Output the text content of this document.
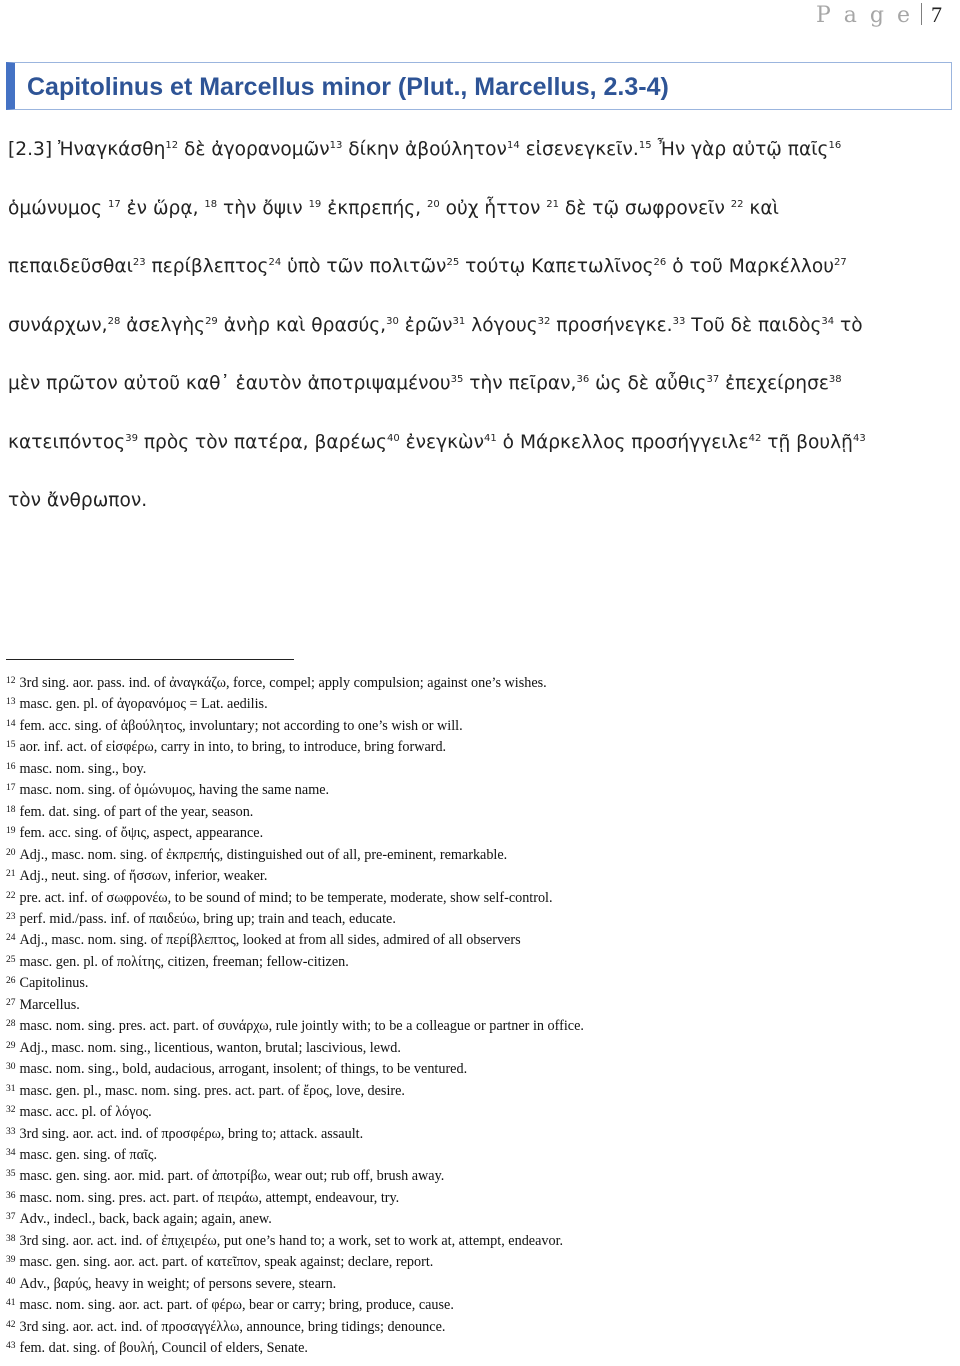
P a g e 7
Capitolinus et Marcellus minor (Plut., Marcellus, 2.3-4)

[2.3] Ἠναγκάσθη$^{12}$ δὲ ἀγορανομῶν$^{13}$ δίκην ἀβούλητον$^{14}$ εἰσενεγκεῖν.$^{15}$ Ἦν γὰρ αὐτῷ παῖς$^{16}$
ὁμώνυμος $^{17}$ ἐν ὥρᾳ, $^{18}$ τὴν ὄψιν $^{19}$ ἐκπρεπής, $^{20}$ οὐχ ἧττον $^{21}$ δὲ τῷ σωφρονεῖν $^{22}$ καὶ
πεπαιδεῦσθαι$^{23}$ περίβλεπτος$^{24}$ ὑπὸ τῶν πολιτῶν$^{25}$ τούτῳ Καπετωλῖνος$^{26}$ ὁ τοῦ Μαρκέλλου$^{27}$
συνάρχων,$^{28}$ ἀσελγὴς$^{29}$ ἀνὴρ καὶ θρασύς,$^{30}$ ἐρῶν$^{31}$ λόγους$^{32}$ προσήνεγκε.$^{33}$ Τοῦ δὲ παιδὸς$^{34}$ τὸ
μὲν πρῶτον αὐτοῦ καθ᾽ ἑαυτὸν ἀποτριψαμένου$^{35}$ τὴν πεῖραν,$^{36}$ ὡς δὲ αὖθις$^{37}$ ἐπεχείρησε$^{38}$
κατειπόντος$^{39}$ πρὸς τὸν πατέρα, βαρέως$^{40}$ ἐνεγκὼν$^{41}$ ὁ Μάρκελλος προσήγγειλε$^{42}$ τῇ βουλῇ$^{43}$
τὸν ἄνθρωπον.

$^{12}$ 3rd sing. aor. pass. ind. of ἀναγκάζω, force, compel; apply compulsion; against one’s wishes.
$^{13}$ masc. gen. pl. of ἀγορανόμος = Lat. aedilis.
$^{14}$ fem. acc. sing. of ἀβούλητος, involuntary; not according to one’s wish or will.
$^{15}$ aor. inf. act. of εἰσφέρω, carry in into, to bring, to introduce, bring forward.
$^{16}$ masc. nom. sing., boy.
$^{17}$ masc. nom. sing. of ὁμώνυμος, having the same name.
$^{18}$ fem. dat. sing. of part of the year, season.
$^{19}$ fem. acc. sing. of ὄψις, aspect, appearance.
$^{20}$ Adj., masc. nom. sing. of ἐκπρεπής, distinguished out of all, pre-eminent, remarkable.
$^{21}$ Adj., neut. sing. of ἥσσων, inferior, weaker.
$^{22}$ pre. act. inf. of σωφρονέω, to be sound of mind; to be temperate, moderate, show self-control.
$^{23}$ perf. mid./pass. inf. of παιδεύω, bring up; train and teach, educate.
$^{24}$ Adj., masc. nom. sing. of περίβλεπτος, looked at from all sides, admired of all observers
$^{25}$ masc. gen. pl. of πολίτης, citizen, freeman; fellow-citizen.
$^{26}$ Capitolinus.
$^{27}$ Marcellus.
$^{28}$ masc. nom. sing. pres. act. part. of συνάρχω, rule jointly with; to be a colleague or partner in office.
$^{29}$ Adj., masc. nom. sing., licentious, wanton, brutal; lascivious, lewd.
$^{30}$ masc. nom. sing., bold, audacious, arrogant, insolent; of things, to be ventured.
$^{31}$ masc. gen. pl., masc. nom. sing. pres. act. part. of ἔρος, love, desire.
$^{32}$ masc. acc. pl. of λόγος.
$^{33}$ 3rd sing. aor. act. ind. of προσφέρω, bring to; attack. assault.
$^{34}$ masc. gen. sing. of παῖς.
$^{35}$ masc. gen. sing. aor. mid. part. of ἀποτρίβω, wear out; rub off, brush away.
$^{36}$ masc. nom. sing. pres. act. part. of πειράω, attempt, endeavour, try.
$^{37}$ Adv., indecl., back, back again; again, anew.
$^{38}$ 3rd sing. aor. act. ind. of ἐπιχειρέω, put one’s hand to; a work, set to work at, attempt, endeavor.
$^{39}$ masc. gen. sing. aor. act. part. of κατεῖπον, speak against; declare, report.
$^{40}$ Adv., βαρύς, heavy in weight; of persons severe, stearn.
$^{41}$ masc. nom. sing. aor. act. part. of φέρω, bear or carry; bring, produce, cause.
$^{42}$ 3rd sing. aor. act. ind. of προσαγγέλλω, announce, bring tidings; denounce.
$^{43}$ fem. dat. sing. of βουλή, Council of elders, Senate.
